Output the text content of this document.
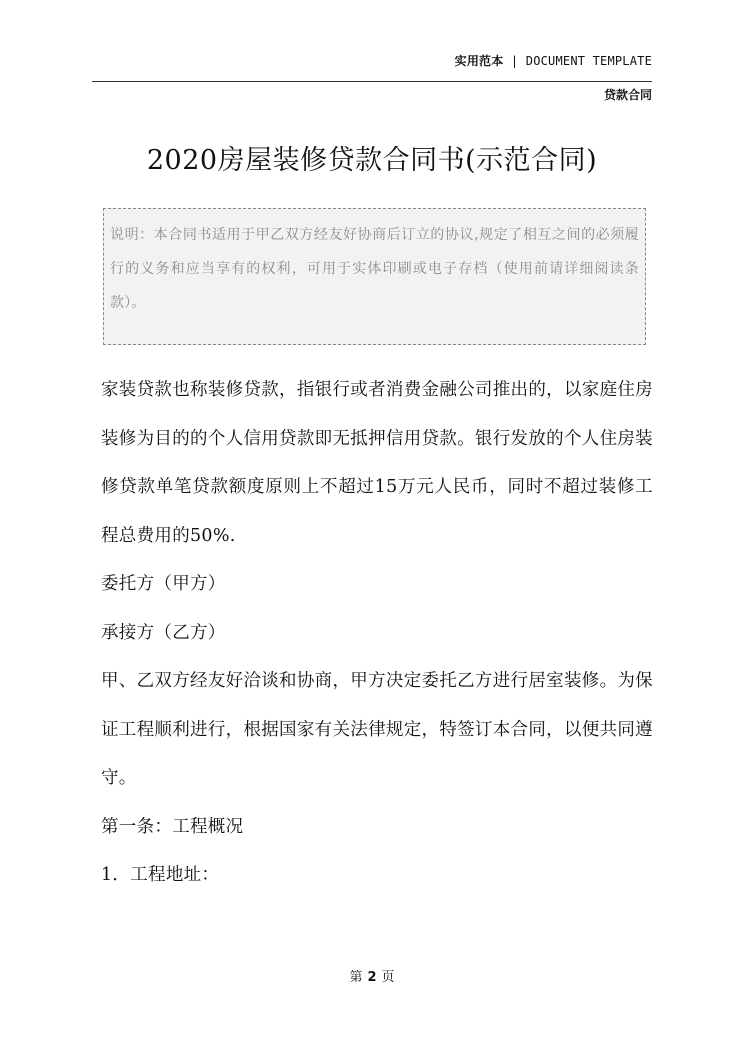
实用范本 | DOCUMENT TEMPLATE
贷款合同
2020房屋装修贷款合同书(示范合同)
说明：本合同书适用于甲乙双方经友好协商后订立的协议,规定了相互之间的必须履行的义务和应当享有的权利，可用于实体印刷或电子存档（使用前请详细阅读条款）。

家装贷款也称装修贷款，指银行或者消费金融公司推出的，以家庭住房装修为目的的个人信用贷款即无抵押信用贷款。银行发放的个人住房装修贷款单笔贷款额度原则上不超过15万元人民币，同时不超过装修工程总费用的50%.

委托方（甲方）

承接方（乙方）

甲、乙双方经友好洽谈和协商，甲方决定委托乙方进行居室装修。为保证工程顺利进行，根据国家有关法律规定，特签订本合同，以便共同遵守。

第一条：工程概况

1．工程地址：

第 2 页
